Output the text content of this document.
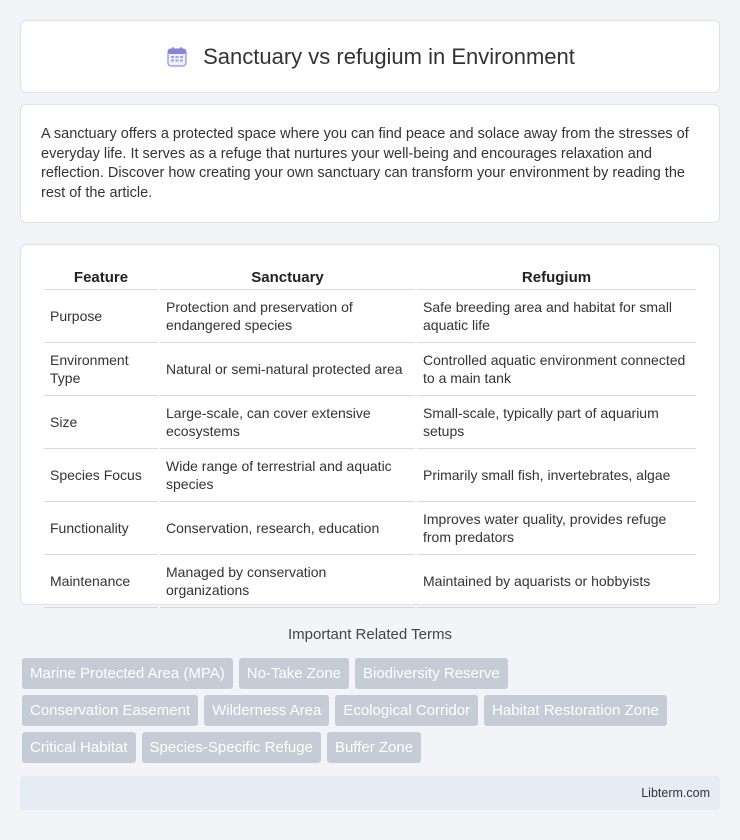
Sanctuary vs refugium in Environment

A sanctuary offers a protected space where you can find peace and solace away from the stresses of everyday life. It serves as a refuge that nurtures your well-being and encourages relaxation and reflection. Discover how creating your own sanctuary can transform your environment by reading the rest of the article.

Feature	Sanctuary	Refugium
Purpose	Protection and preservation of endangered species	Safe breeding area and habitat for small aquatic life
Environment Type	Natural or semi-natural protected area	Controlled aquatic environment connected to a main tank
Size	Large-scale, can cover extensive ecosystems	Small-scale, typically part of aquarium setups
Species Focus	Wide range of terrestrial and aquatic species	Primarily small fish, invertebrates, algae
Functionality	Conservation, research, education	Improves water quality, provides refuge from predators
Maintenance	Managed by conservation organizations	Maintained by aquarists or hobbyists
Important Related Terms
Marine Protected Area (MPA)	No-Take Zone	Biodiversity Reserve
Conservation Easement	Wilderness Area	Ecological Corridor	Habitat Restoration Zone
Critical Habitat	Species-Specific Refuge	Buffer Zone
Libterm.com
